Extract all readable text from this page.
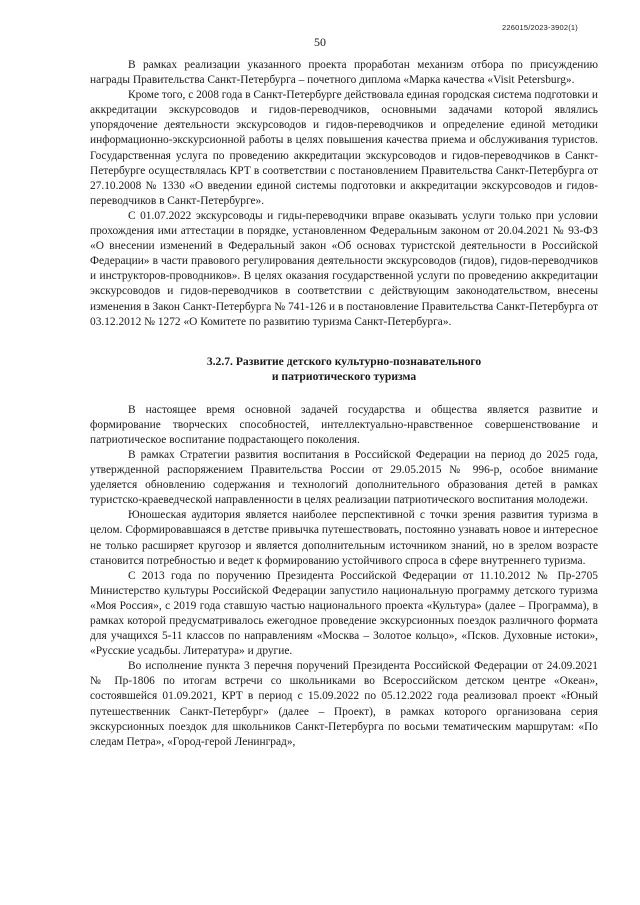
226015/2023-3902(1)
50

В рамках реализации указанного проекта проработан механизм отбора по присуждению награды Правительства Санкт-Петербурга – почетного диплома «Марка качества «Visit Petersburg».

Кроме того, с 2008 года в Санкт-Петербурге действовала единая городская система подготовки и аккредитации экскурсоводов и гидов-переводчиков, основными задачами которой являлись упорядочение деятельности экскурсоводов и гидов-переводчиков и определение единой методики информационно-экскурсионной работы в целях повышения качества приема и обслуживания туристов. Государственная услуга по проведению аккредитации экскурсоводов и гидов-переводчиков в Санкт-Петербурге осуществлялась КРТ в соответствии с постановлением Правительства Санкт-Петербурга от 27.10.2008 № 1330 «О введении единой системы подготовки и аккредитации экскурсоводов и гидов-переводчиков в Санкт-Петербурге».

С 01.07.2022 экскурсоводы и гиды-переводчики вправе оказывать услуги только при условии прохождения ими аттестации в порядке, установленном Федеральным законом от 20.04.2021 № 93-ФЗ «О внесении изменений в Федеральный закон «Об основах туристской деятельности в Российской Федерации» в части правового регулирования деятельности экскурсоводов (гидов), гидов-переводчиков и инструкторов-проводников». В целях оказания государственной услуги по проведению аккредитации экскурсоводов и гидов-переводчиков в соответствии с действующим законодательством, внесены изменения в Закон Санкт-Петербурга № 741-126 и в постановление Правительства Санкт-Петербурга от 03.12.2012 № 1272 «О Комитете по развитию туризма Санкт-Петербурга».

3.2.7. Развитие детского культурно-познавательного
и патриотического туризма

В настоящее время основной задачей государства и общества является развитие и формирование творческих способностей, интеллектуально-нравственное совершенствование и патриотическое воспитание подрастающего поколения.

В рамках Стратегии развития воспитания в Российской Федерации на период до 2025 года, утвержденной распоряжением Правительства России от 29.05.2015 № 996-р, особое внимание уделяется обновлению содержания и технологий дополнительного образования детей в рамках туристско-краеведческой направленности в целях реализации патриотического воспитания молодежи.

Юношеская аудитория является наиболее перспективной с точки зрения развития туризма в целом. Сформировавшаяся в детстве привычка путешествовать, постоянно узнавать новое и интересное не только расширяет кругозор и является дополнительным источником знаний, но в зрелом возрасте становится потребностью и ведет к формированию устойчивого спроса в сфере внутреннего туризма.

С 2013 года по поручению Президента Российской Федерации от 11.10.2012 № Пр-2705 Министерство культуры Российской Федерации запустило национальную программу детского туризма «Моя Россия», с 2019 года ставшую частью национального проекта «Культура» (далее – Программа), в рамках которой предусматривалось ежегодное проведение экскурсионных поездок различного формата для учащихся 5-11 классов по направлениям «Москва – Золотое кольцо», «Псков. Духовные истоки», «Русские усадьбы. Литература» и другие.

Во исполнение пункта 3 перечня поручений Президента Российской Федерации от 24.09.2021 № Пр-1806 по итогам встречи со школьниками во Всероссийском детском центре «Океан», состоявшейся 01.09.2021, КРТ в период с 15.09.2022 по 05.12.2022 года реализовал проект «Юный путешественник Санкт-Петербург» (далее – Проект), в рамках которого организована серия экскурсионных поездок для школьников Санкт-Петербурга по восьми тематическим маршрутам: «По следам Петра», «Город-герой Ленинград»,
